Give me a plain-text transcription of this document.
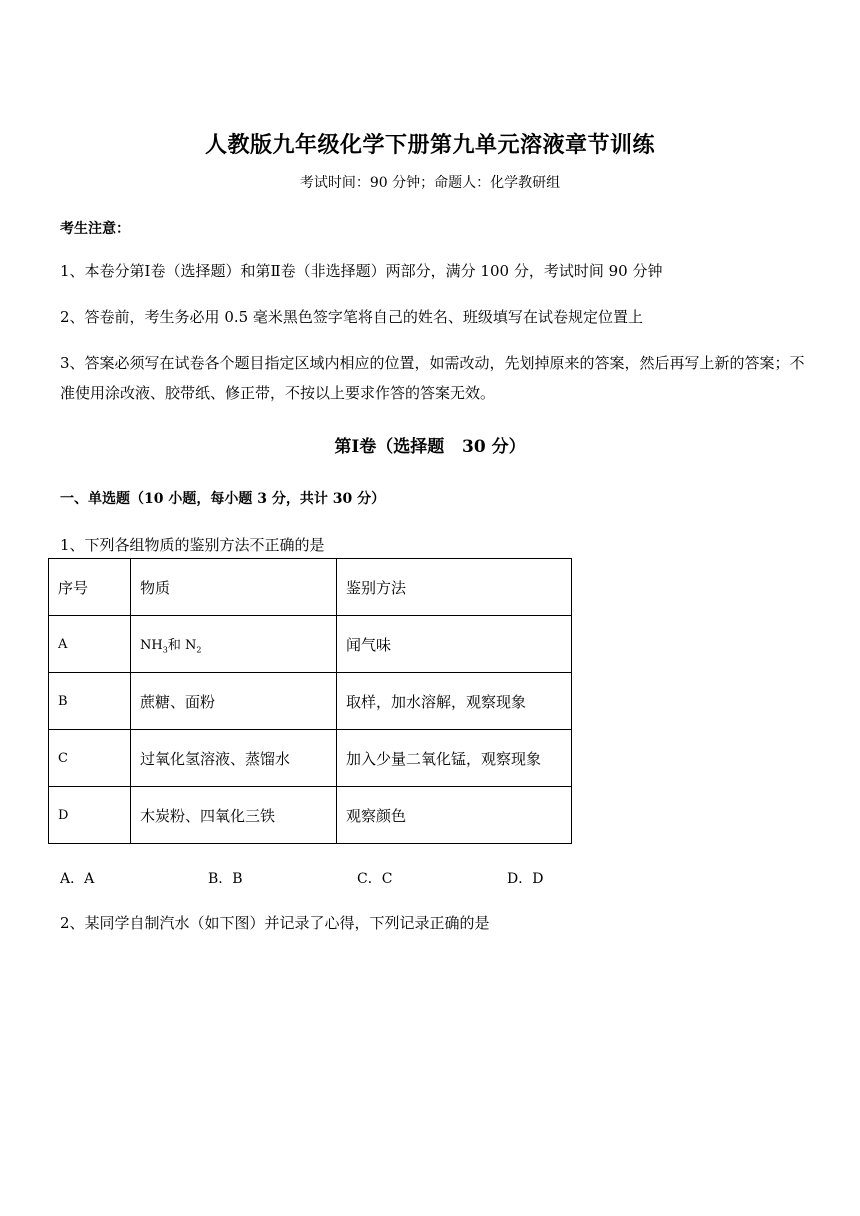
人教版九年级化学下册第九单元溶液章节训练
考试时间：90 分钟；命题人：化学教研组
考生注意：
1、本卷分第Ⅰ卷（选择题）和第Ⅱ卷（非选择题）两部分，满分 100 分，考试时间 90 分钟
2、答卷前，考生务必用 0.5 毫米黑色签字笔将自己的姓名、班级填写在试卷规定位置上
3、答案必须写在试卷各个题目指定区域内相应的位置，如需改动，先划掉原来的答案，然后再写上新的答案；不准使用涂改液、胶带纸、修正带，不按以上要求作答的答案无效。
第Ⅰ卷（选择题   30 分）
一、单选题（10 小题，每小题 3 分，共计 30 分）
1、下列各组物质的鉴别方法不正确的是
序号	物质	鉴别方法
A	$NH_3$和 $N_2$	闻气味
B	蔗糖、面粉	取样，加水溶解，观察现象
C	过氧化氢溶液、蒸馏水	加入少量二氧化锰，观察现象
D	木炭粉、四氧化三铁	观察颜色
A．A	B．B	C．C	D．D
2、某同学自制汽水（如下图）并记录了心得，下列记录正确的是
